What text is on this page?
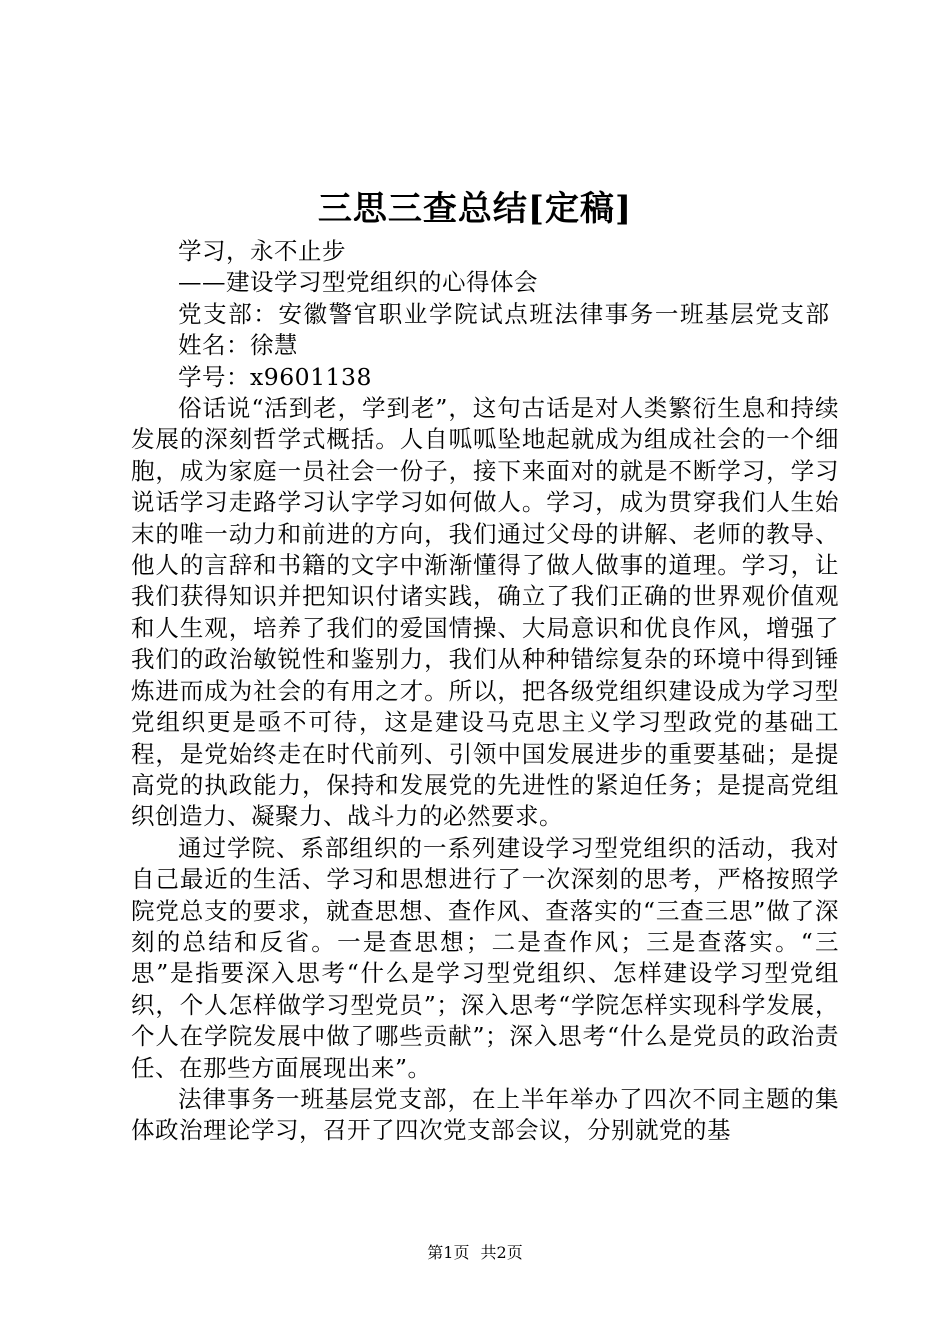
三思三查总结[定稿]

学习，永不止步

——建设学习型党组织的心得体会

党支部：安徽警官职业学院试点班法律事务一班基层党支部

姓名：徐慧

学号：x9601138

俗话说“活到老，学到老”，这句古话是对人类繁衍生息和持续发展的深刻哲学式概括。人自呱呱坠地起就成为组成社会的一个细胞，成为家庭一员社会一份子，接下来面对的就是不断学习，学习说话学习走路学习认字学习如何做人。学习，成为贯穿我们人生始末的唯一动力和前进的方向，我们通过父母的讲解、老师的教导、他人的言辞和书籍的文字中渐渐懂得了做人做事的道理。学习，让我们获得知识并把知识付诸实践，确立了我们正确的世界观价值观和人生观，培养了我们的爱国情操、大局意识和优良作风，增强了我们的政治敏锐性和鉴别力，我们从种种错综复杂的环境中得到锤炼进而成为社会的有用之才。所以，把各级党组织建设成为学习型党组织更是亟不可待，这是建设马克思主义学习型政党的基础工程，是党始终走在时代前列、引领中国发展进步的重要基础；是提高党的执政能力，保持和发展党的先进性的紧迫任务；是提高党组织创造力、凝聚力、战斗力的必然要求。

通过学院、系部组织的一系列建设学习型党组织的活动，我对自己最近的生活、学习和思想进行了一次深刻的思考，严格按照学院党总支的要求，就查思想、查作风、查落实的“三查三思”做了深刻的总结和反省。一是查思想；二是查作风；三是查落实。“三思”是指要深入思考“什么是学习型党组织、怎样建设学习型党组织，个人怎样做学习型党员”；深入思考“学院怎样实现科学发展，个人在学院发展中做了哪些贡献”；深入思考“什么是党员的政治责任、在那些方面展现出来”。

法律事务一班基层党支部，在上半年举办了四次不同主题的集体政治理论学习，召开了四次党支部会议，分别就党的基

第1页 共2页
